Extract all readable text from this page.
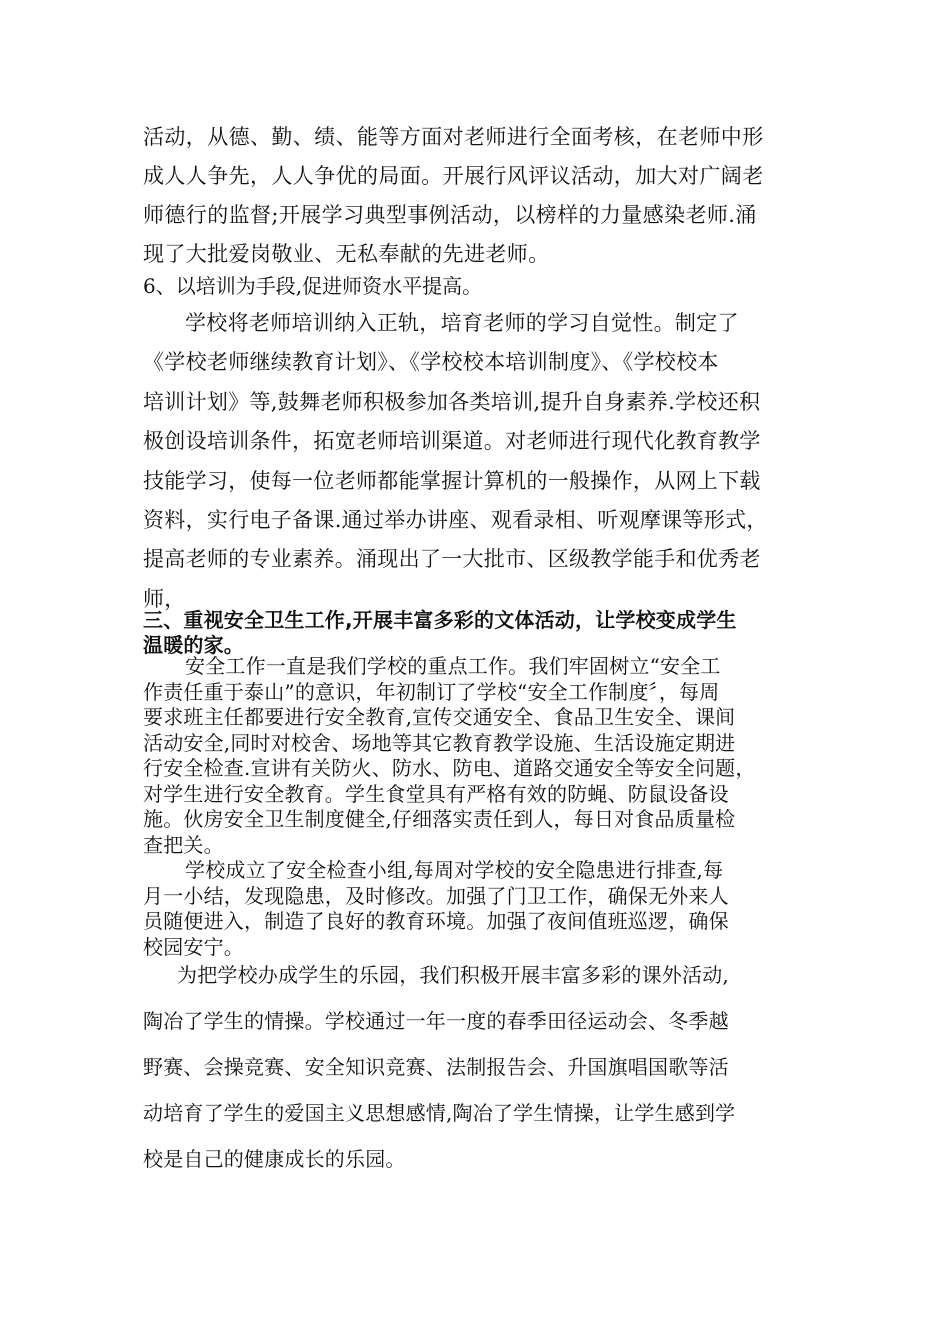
活动，从德、勤、绩、能等方面对老师进行全面考核，在老师中形
成人人争先，人人争优的局面。开展行风评议活动，加大对广阔老
师德行的监督;开展学习典型事例活动，以榜样的力量感染老师.涌
现了大批爱岗敬业、无私奉献的先进老师。
6、以培训为手段,促进师资水平提高。
学校将老师培训纳入正轨，培育老师的学习自觉性。制定了
《学校老师继续教育计划》、《学校校本培训制度》、《学校校本
培训计划》等,鼓舞老师积极参加各类培训,提升自身素养.学校还积
极创设培训条件，拓宽老师培训渠道。对老师进行现代化教育教学
技能学习，使每一位老师都能掌握计算机的一般操作，从网上下载
资料，实行电子备课.通过举办讲座、观看录相、听观摩课等形式，
提高老师的专业素养。涌现出了一大批市、区级教学能手和优秀老
师，
三、重视安全卫生工作,开展丰富多彩的文体活动，让学校变成学生
温暖的家。
安全工作一直是我们学校的重点工作。我们牢固树立“安全工
作责任重于泰山”的意识，年初制订了学校“安全工作制度〞，每周
要求班主任都要进行安全教育,宣传交通安全、食品卫生安全、课间
活动安全,同时对校舍、场地等其它教育教学设施、生活设施定期进
行安全检查.宣讲有关防火、防水、防电、道路交通安全等安全问题，
对学生进行安全教育。学生食堂具有严格有效的防蝇、防鼠设备设
施。伙房安全卫生制度健全,仔细落实责任到人，每日对食品质量检
查把关。
学校成立了安全检查小组,每周对学校的安全隐患进行排查,每
月一小结，发现隐患，及时修改。加强了门卫工作，确保无外来人
员随便进入，制造了良好的教育环境。加强了夜间值班巡逻，确保
校园安宁。
为把学校办成学生的乐园，我们积极开展丰富多彩的课外活动,
陶冶了学生的情操。学校通过一年一度的春季田径运动会、冬季越
野赛、会操竞赛、安全知识竞赛、法制报告会、升国旗唱国歌等活
动培育了学生的爱国主义思想感情,陶冶了学生情操，让学生感到学
校是自己的健康成长的乐园。
